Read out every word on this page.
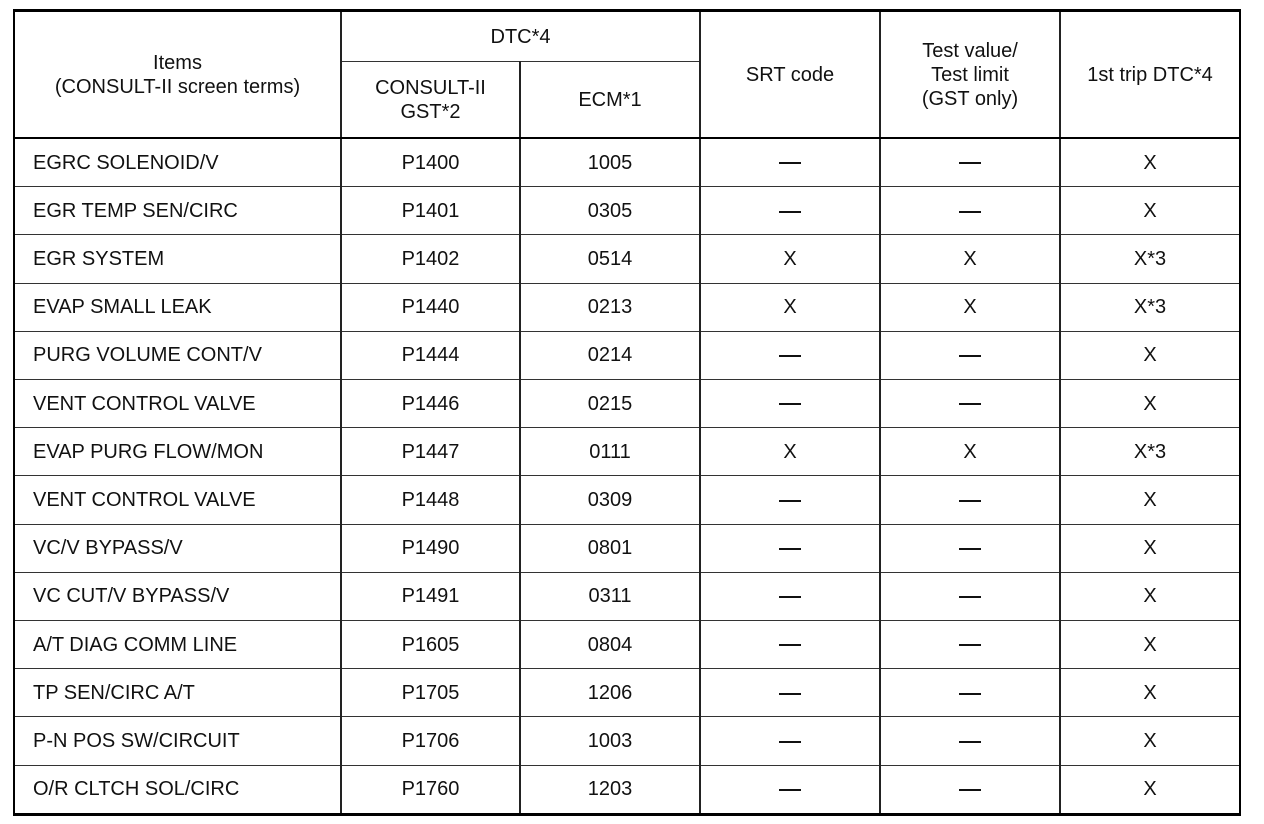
Items
(CONSULT-II screen terms)	DTC*4		SRT code	Test value/
Test limit
(GST only)	1st trip DTC*4

	CONSULT-II
GST*2	ECM*1			
EGRC SOLENOID/V	P1400	1005			X
EGR TEMP SEN/CIRC	P1401	0305			X
EGR SYSTEM	P1402	0514	X	X	X*3
EVAP SMALL LEAK	P1440	0213	X	X	X*3
PURG VOLUME CONT/V	P1444	0214			X
VENT CONTROL VALVE	P1446	0215			X
EVAP PURG FLOW/MON	P1447	0111	X	X	X*3
VENT CONTROL VALVE	P1448	0309			X
VC/V BYPASS/V	P1490	0801			X
VC CUT/V BYPASS/V	P1491	0311			X
A/T DIAG COMM LINE	P1605	0804			X
TP SEN/CIRC A/T	P1705	1206			X
P-N POS SW/CIRCUIT	P1706	1003			X
O/R CLTCH SOL/CIRC	P1760	1203			X
